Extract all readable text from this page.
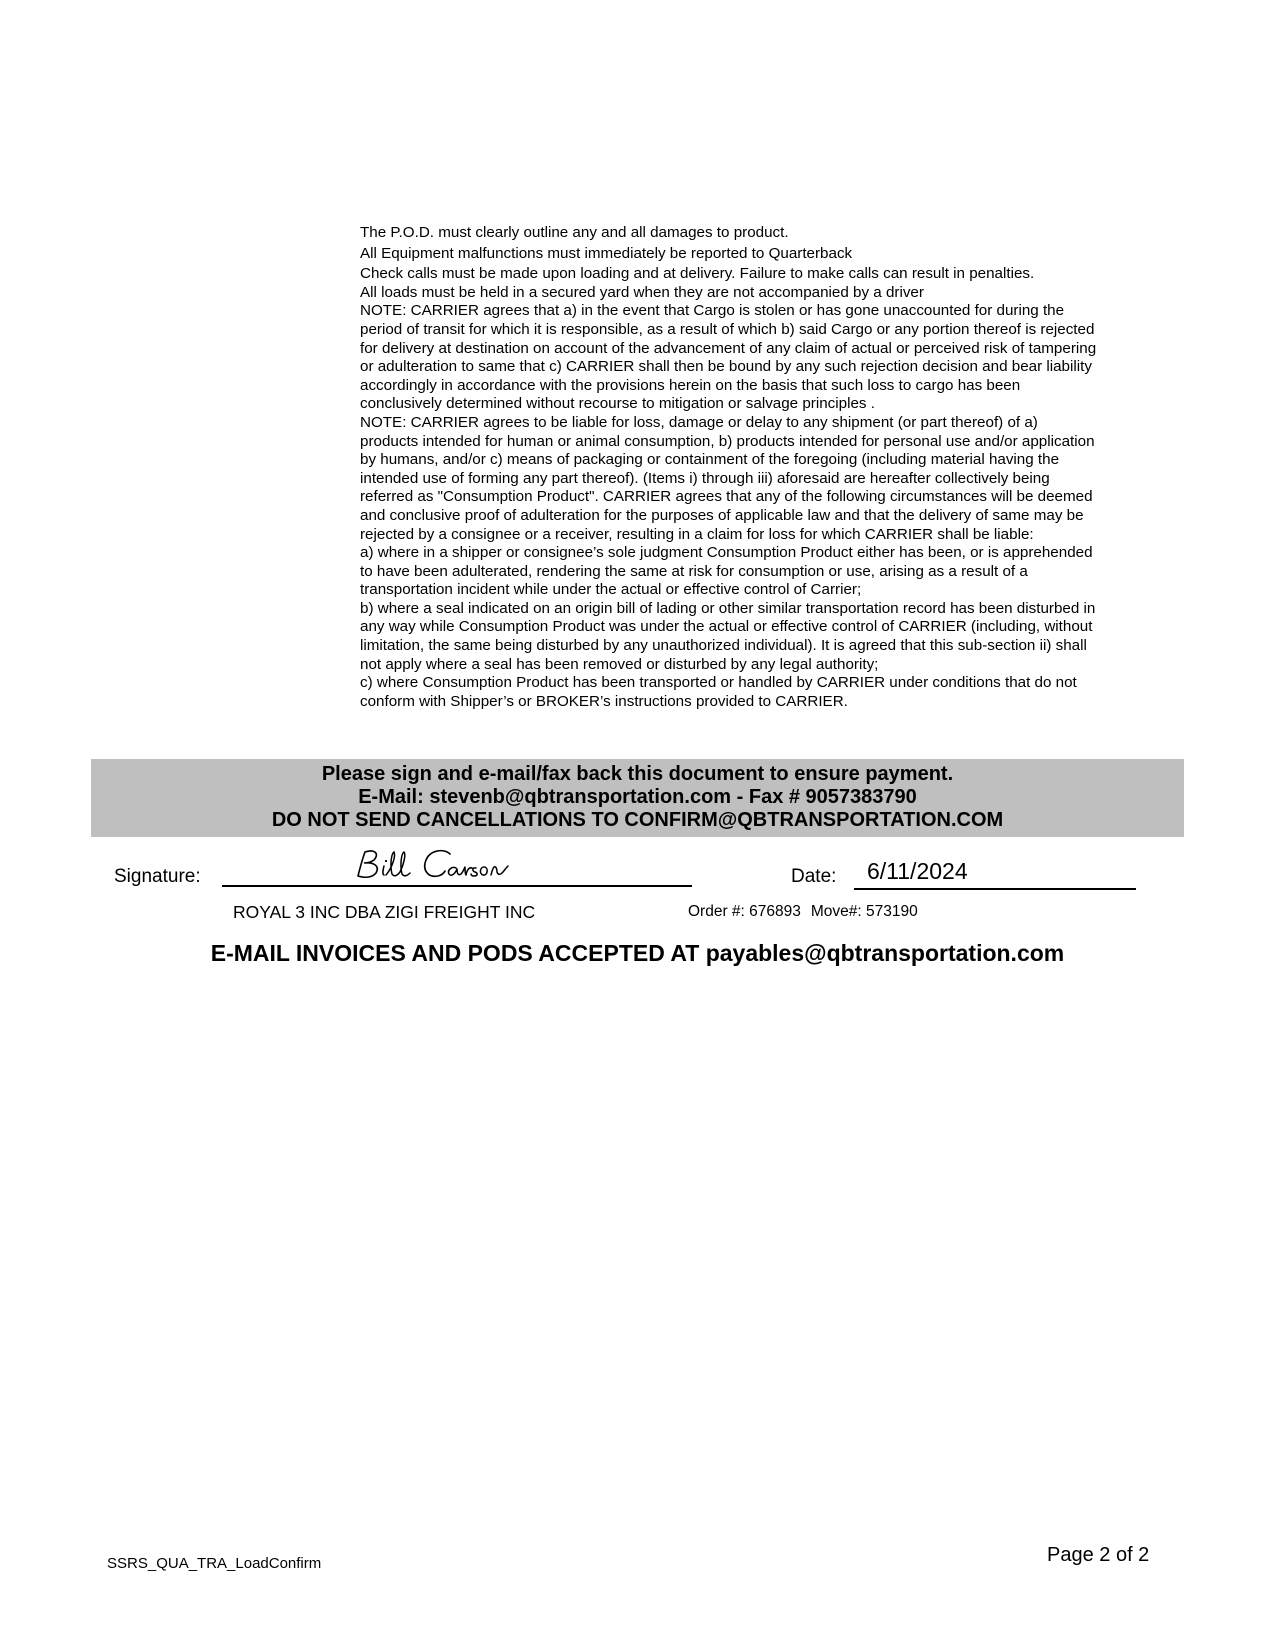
The P.O.D. must clearly outline any and all damages to product.
All Equipment malfunctions must immediately be reported to Quarterback
Check calls must be made upon loading and at delivery. Failure to make calls can result in penalties.
All loads must be held in a secured yard when they are not accompanied by a driver
NOTE: CARRIER agrees that a) in the event that Cargo is stolen or has gone unaccounted for during the
period of transit for which it is responsible, as a result of which b) said Cargo or any portion thereof is rejected
for delivery at destination on account of the advancement of any claim of actual or perceived risk of tampering
or adulteration to same that c) CARRIER shall then be bound by any such rejection decision and bear liability
accordingly in accordance with the provisions herein on the basis that such loss to cargo has been
conclusively determined without recourse to mitigation or salvage principles .
NOTE: CARRIER agrees to be liable for loss, damage or delay to any shipment (or part thereof) of a)
products intended for human or animal consumption, b) products intended for personal use and/or application
by humans, and/or c) means of packaging or containment of the foregoing (including material having the
intended use of forming any part thereof). (Items i) through iii) aforesaid are hereafter collectively being
referred as "Consumption Product". CARRIER agrees that any of the following circumstances will be deemed
and conclusive proof of adulteration for the purposes of applicable law and that the delivery of same may be
rejected by a consignee or a receiver, resulting in a claim for loss for which CARRIER shall be liable:
a) where in a shipper or consignee’s sole judgment Consumption Product either has been, or is apprehended
to have been adulterated, rendering the same at risk for consumption or use, arising as a result of a
transportation incident while under the actual or effective control of Carrier;
b) where a seal indicated on an origin bill of lading or other similar transportation record has been disturbed in
any way while Consumption Product was under the actual or effective control of CARRIER (including, without
limitation, the same being disturbed by any unauthorized individual). It is agreed that this sub-section ii) shall
not apply where a seal has been removed or disturbed by any legal authority;
c) where Consumption Product has been transported or handled by CARRIER under conditions that do not
conform with Shipper’s or BROKER’s instructions provided to CARRIER.
Please sign and e-mail/fax back this document to ensure payment.
E-Mail: stevenb@qbtransportation.com - Fax # 9057383790
DO NOT SEND CANCELLATIONS TO CONFIRM@QBTRANSPORTATION.COM
Signature:	Date: 6/11/2024
ROYAL 3 INC DBA ZIGI FREIGHT INC	Order #: 676893 Move#: 573190
E-MAIL INVOICES AND PODS ACCEPTED AT payables@qbtransportation.com
SSRS_QUA_TRA_LoadConfirm	Page 2 of 2
